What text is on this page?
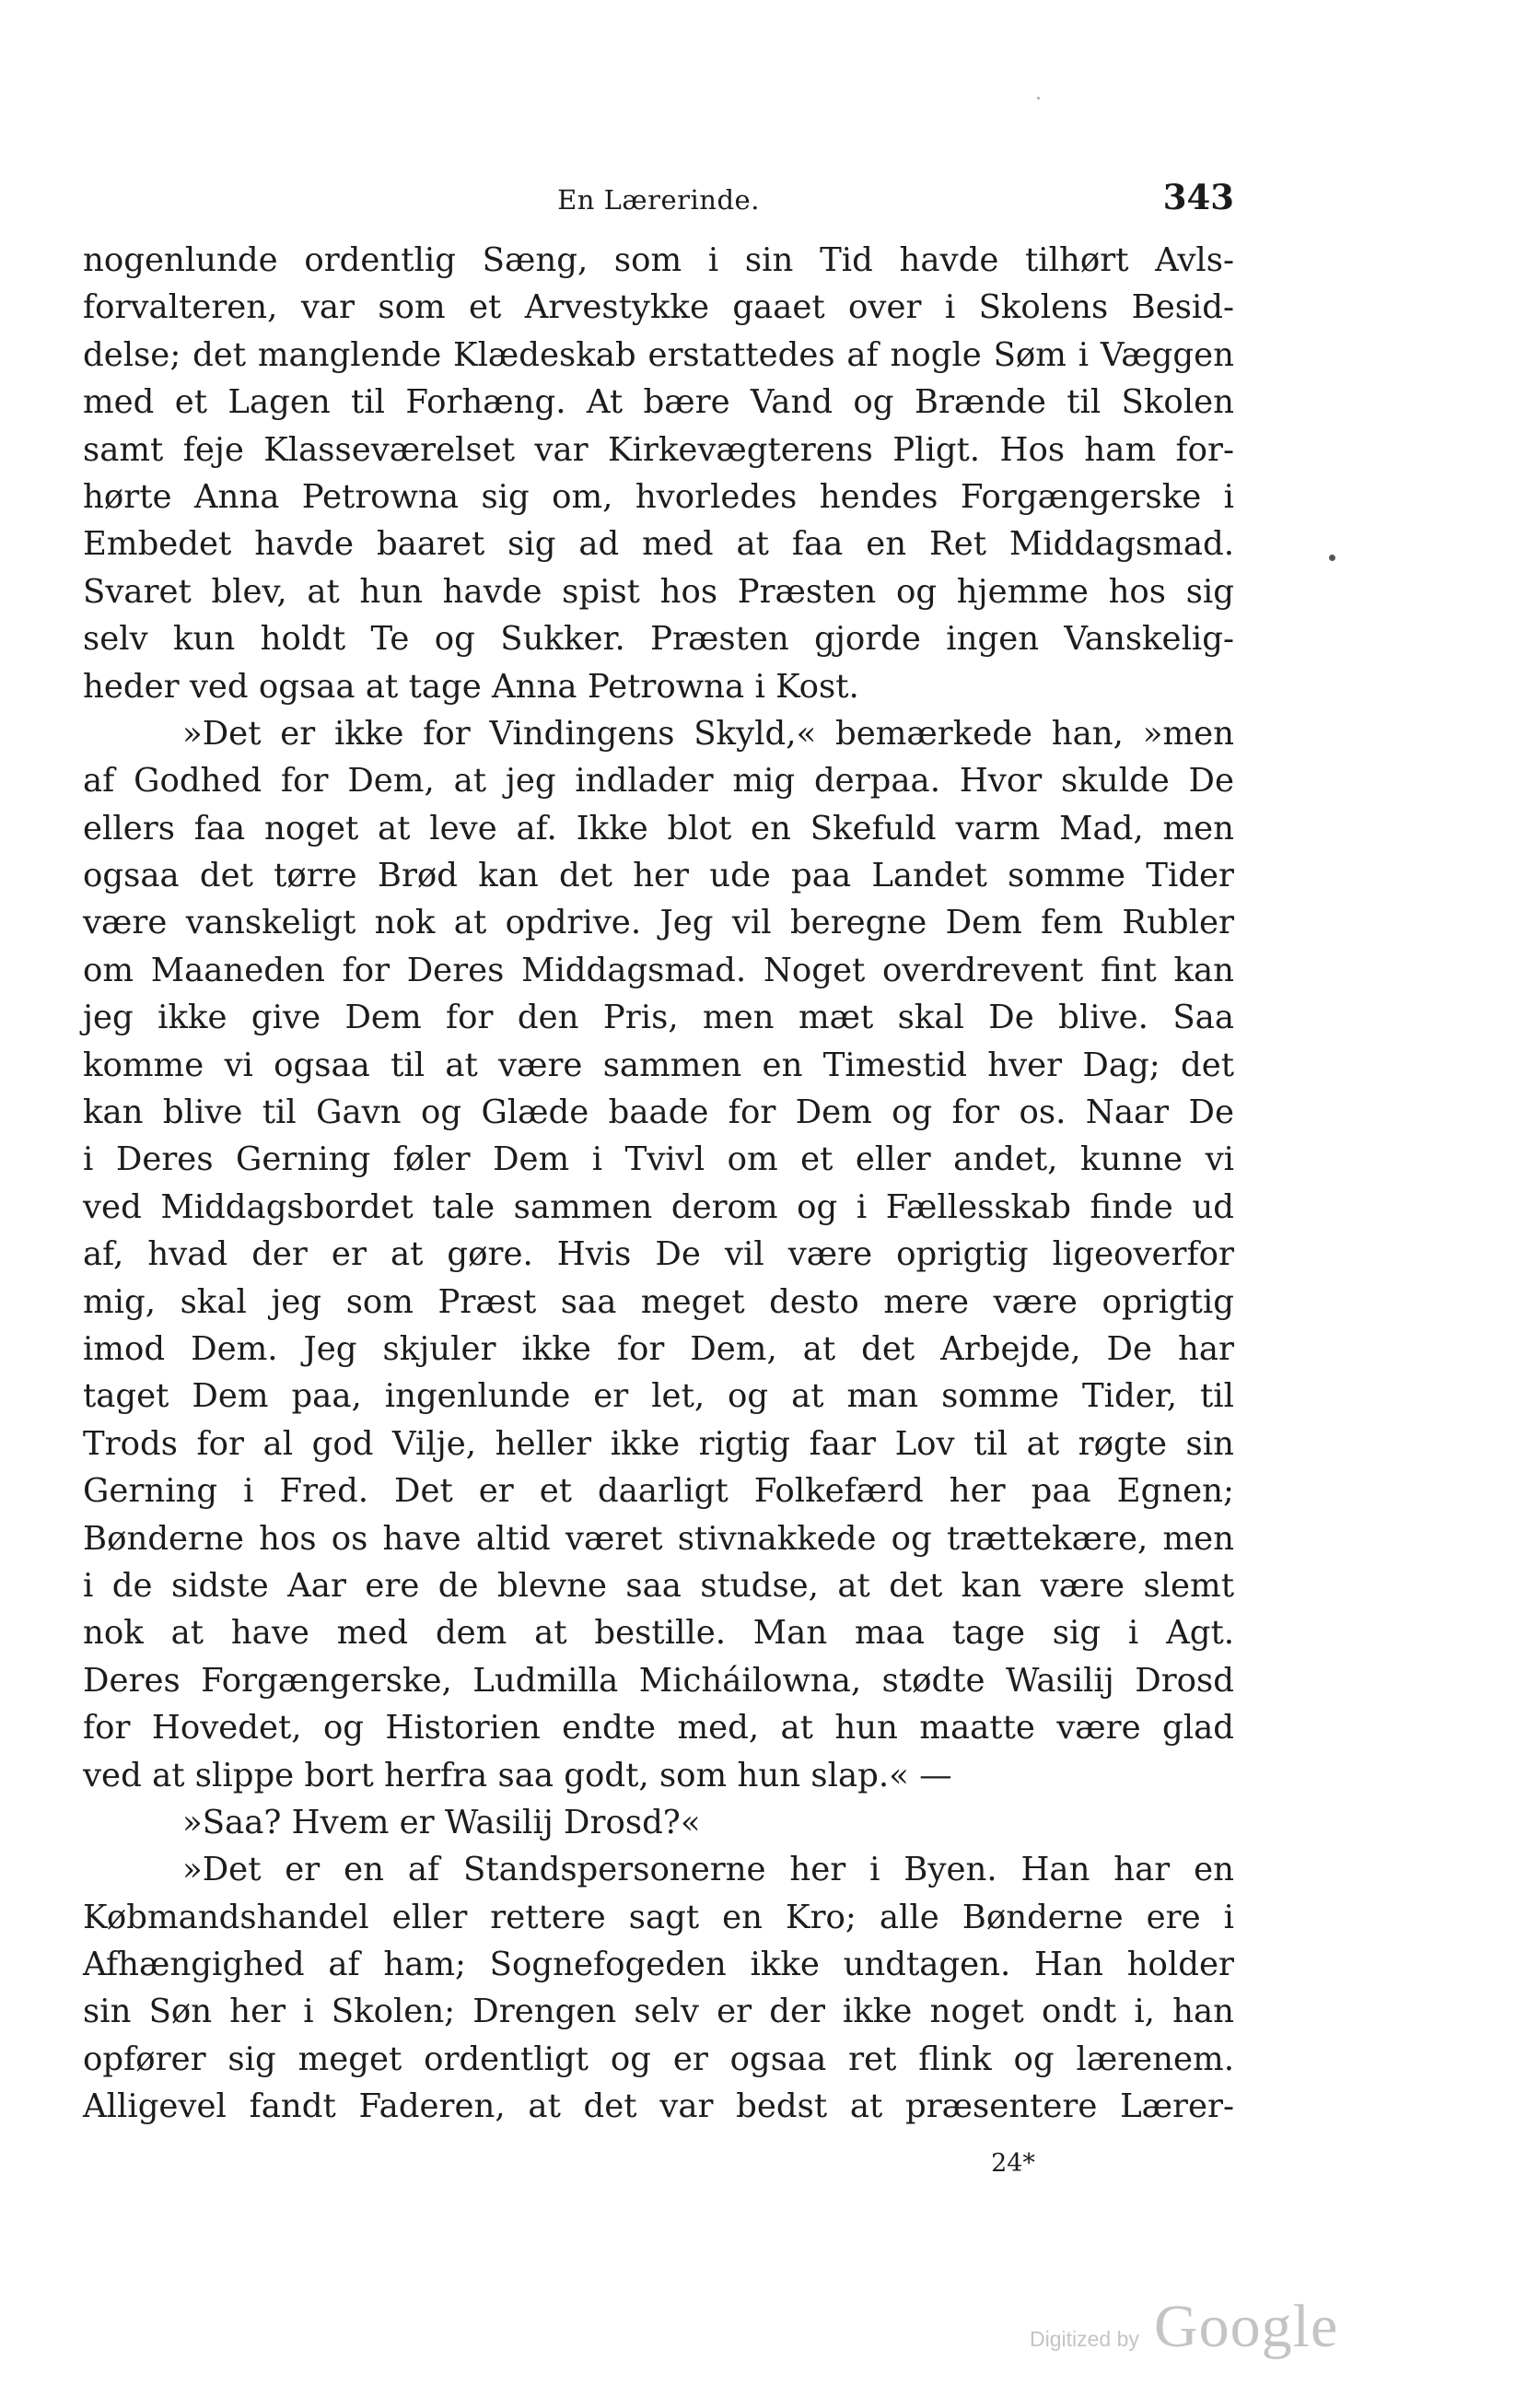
En Lærerinde.	343
nogenlunde ordentlig Sæng, som i sin Tid havde tilhørt Avls-
forvalteren, var som et Arvestykke gaaet over i Skolens Besid-
delse; det manglende Klædeskab erstattedes af nogle Søm i Væggen
med et Lagen til Forhæng. At bære Vand og Brænde til Skolen
samt feje Klasseværelset var Kirkevægterens Pligt. Hos ham for-
hørte Anna Petrowna sig om, hvorledes hendes Forgængerske i
Embedet havde baaret sig ad med at faa en Ret Middagsmad.
Svaret blev, at hun havde spist hos Præsten og hjemme hos sig
selv kun holdt Te og Sukker. Præsten gjorde ingen Vanskelig-
heder ved ogsaa at tage Anna Petrowna i Kost.
»Det er ikke for Vindingens Skyld,« bemærkede han, »men
af Godhed for Dem, at jeg indlader mig derpaa. Hvor skulde De
ellers faa noget at leve af. Ikke blot en Skefuld varm Mad, men
ogsaa det tørre Brød kan det her ude paa Landet somme Tider
være vanskeligt nok at opdrive. Jeg vil beregne Dem fem Rubler
om Maaneden for Deres Middagsmad. Noget overdrevent fint kan
jeg ikke give Dem for den Pris, men mæt skal De blive. Saa
komme vi ogsaa til at være sammen en Timestid hver Dag; det
kan blive til Gavn og Glæde baade for Dem og for os. Naar De
i Deres Gerning føler Dem i Tvivl om et eller andet, kunne vi
ved Middagsbordet tale sammen derom og i Fællesskab finde ud
af, hvad der er at gøre. Hvis De vil være oprigtig ligeoverfor
mig, skal jeg som Præst saa meget desto mere være oprigtig
imod Dem. Jeg skjuler ikke for Dem, at det Arbejde, De har
taget Dem paa, ingenlunde er let, og at man somme Tider, til
Trods for al god Vilje, heller ikke rigtig faar Lov til at røgte sin
Gerning i Fred. Det er et daarligt Folkefærd her paa Egnen;
Bønderne hos os have altid været stivnakkede og trættekære, men
i de sidste Aar ere de blevne saa studse, at det kan være slemt
nok at have med dem at bestille. Man maa tage sig i Agt.
Deres Forgængerske, Ludmilla Micháilowna, stødte Wasilij Drosd
for Hovedet, og Historien endte med, at hun maatte være glad
ved at slippe bort herfra saa godt, som hun slap.« —
»Saa? Hvem er Wasilij Drosd?«
»Det er en af Standspersonerne her i Byen. Han har en
Købmandshandel eller rettere sagt en Kro; alle Bønderne ere i
Afhængighed af ham; Sognefogeden ikke undtagen. Han holder
sin Søn her i Skolen; Drengen selv er der ikke noget ondt i, han
opfører sig meget ordentligt og er ogsaa ret flink og lærenem.
Alligevel fandt Faderen, at det var bedst at præsentere Lærer-
24*
Digitized by Google
